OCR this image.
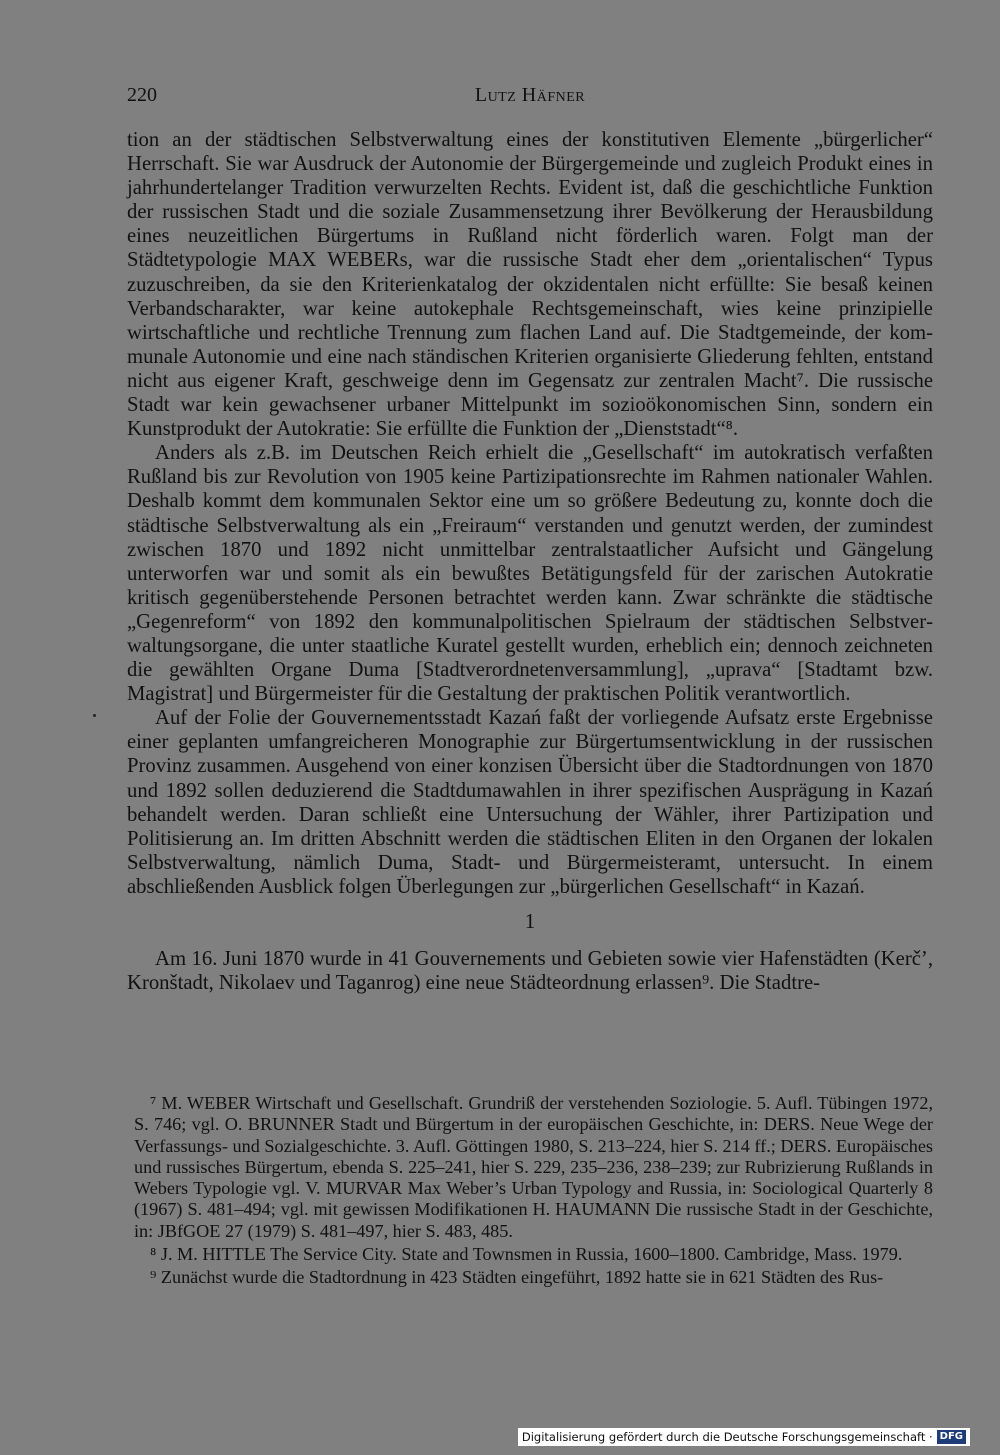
220	Lutz Häfner

tion an der städtischen Selbstverwaltung eines der konstitutiven Elemente „bürgerlicher“ Herrschaft. Sie war Ausdruck der Autonomie der Bürgergemeinde und zugleich Produkt eines in jahrhundertelanger Tradition verwurzelten Rechts. Evident ist, daß die geschichtliche Funktion der russischen Stadt und die soziale Zusammensetzung ihrer Bevölkerung der Herausbildung eines neuzeitlichen Bürgertums in Rußland nicht förderlich waren. Folgt man der Städtetypologie MAX WEBERs, war die russische Stadt eher dem „orientalischen“ Typus zuzuschreiben, da sie den Kriterienkatalog der okzidentalen nicht erfüllte: Sie besaß keinen Verbandscharakter, war keine autokephale Rechtsgemeinschaft, wies keine prinzipielle wirtschaftliche und rechtliche Trennung zum flachen Land auf. Die Stadtgemeinde, der kommunale Autonomie und eine nach ständischen Kriterien organisierte Gliederung fehlten, entstand nicht aus eigener Kraft, geschweige denn im Gegensatz zur zentralen Macht⁷. Die russische Stadt war kein gewachsener urbaner Mittelpunkt im sozioökonomischen Sinn, sondern ein Kunstprodukt der Autokratie: Sie erfüllte die Funktion der „Dienststadt“⁸.

Anders als z.B. im Deutschen Reich erhielt die „Gesellschaft“ im autokratisch verfaßten Rußland bis zur Revolution von 1905 keine Partizipationsrechte im Rahmen nationaler Wahlen. Deshalb kommt dem kommunalen Sektor eine um so größere Bedeutung zu, konnte doch die städtische Selbstverwaltung als ein „Freiraum“ verstanden und genutzt werden, der zumindest zwischen 1870 und 1892 nicht unmittelbar zentralstaatlicher Aufsicht und Gängelung unterworfen war und somit als ein bewußtes Betätigungsfeld für der zarischen Autokratie kritisch gegenüberstehende Personen betrachtet werden kann. Zwar schränkte die städtische „Gegenreform“ von 1892 den kommunalpolitischen Spielraum der städtischen Selbstverwaltungsorgane, die unter staatliche Kuratel gestellt wurden, erheblich ein; dennoch zeichneten die gewählten Organe Duma [Stadtverordnetenversammlung], „uprava“ [Stadtamt bzw. Magistrat] und Bürgermeister für die Gestaltung der praktischen Politik verantwortlich.

Auf der Folie der Gouvernementsstadt Kazań faßt der vorliegende Aufsatz erste Ergebnisse einer geplanten umfangreicheren Monographie zur Bürgertumsentwicklung in der russischen Provinz zusammen. Ausgehend von einer konzisen Übersicht über die Stadtordnungen von 1870 und 1892 sollen deduzierend die Stadtdumawahlen in ihrer spezifischen Ausprägung in Kazań behandelt werden. Daran schließt eine Untersuchung der Wähler, ihrer Partizipation und Politisierung an. Im dritten Abschnitt werden die städtischen Eliten in den Organen der lokalen Selbstverwaltung, nämlich Duma, Stadt- und Bürgermeisteramt, untersucht. In einem abschließenden Ausblick folgen Überlegungen zur „bürgerlichen Gesellschaft“ in Kazań.

1

Am 16. Juni 1870 wurde in 41 Gouvernements und Gebieten sowie vier Hafenstädten (Kerč’, Kronštadt, Nikolaev und Taganrog) eine neue Städteordnung erlassen⁹. Die Stadtre-

⁷ M. WEBER Wirtschaft und Gesellschaft. Grundriß der verstehenden Soziologie. 5. Aufl. Tübingen 1972, S. 746; vgl. O. BRUNNER Stadt und Bürgertum in der europäischen Geschichte, in: DERS. Neue Wege der Verfassungs- und Sozialgeschichte. 3. Aufl. Göttingen 1980, S. 213–224, hier S. 214 ff.; DERS. Europäisches und russisches Bürgertum, ebenda S. 225–241, hier S. 229, 235–236, 238–239; zur Rubrizierung Rußlands in Webers Typologie vgl. V. MURVAR Max Weber’s Urban Typology and Russia, in: Sociological Quarterly 8 (1967) S. 481–494; vgl. mit gewissen Modifikationen H. HAUMANN Die russische Stadt in der Geschichte, in: JBfGOE 27 (1979) S. 481–497, hier S. 483, 485.

⁸ J. M. HITTLE The Service City. State and Townsmen in Russia, 1600–1800. Cambridge, Mass. 1979.

⁹ Zunächst wurde die Stadtordnung in 423 Städten eingeführt, 1892 hatte sie in 621 Städten des Rus-

Digitalisierung gefördert durch die Deutsche Forschungsgemeinschaft · DFG
